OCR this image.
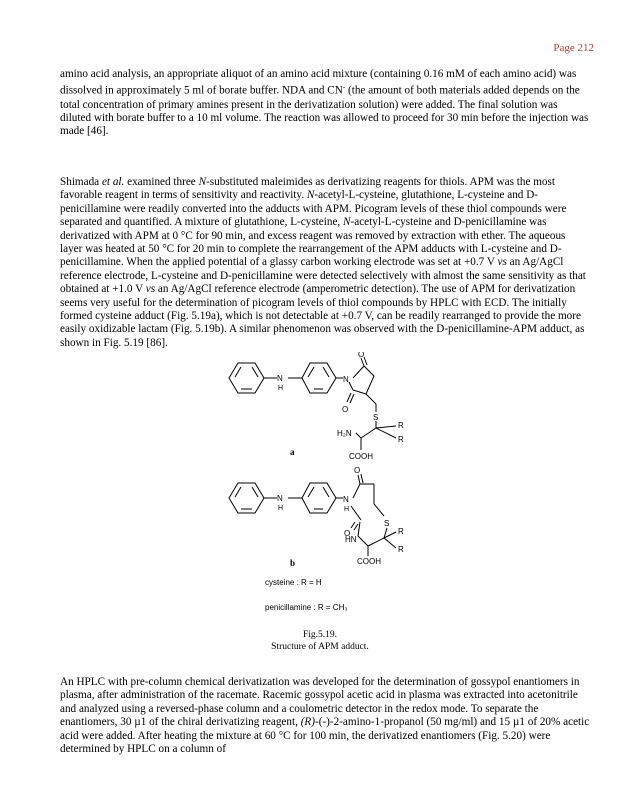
Page 212

amino acid analysis, an appropriate aliquot of an amino acid mixture (containing 0.16 mM of each amino acid) was dissolved in approximately 5 ml of borate buffer. NDA and CN- (the amount of both materials added depends on the total concentration of primary amines present in the derivatization solution) were added. The final solution was diluted with borate buffer to a 10 ml volume. The reaction was allowed to proceed for 30 min before the injection was made [46].

Shimada et al. examined three N-substituted maleimides as derivatizing reagents for thiols. APM was the most favorable reagent in terms of sensitivity and reactivity. N-acetyl-L-cysteine, glutathione, L-cysteine and D-penicillamine were readily converted into the adducts with APM. Picogram levels of these thiol compounds were separated and quantified. A mixture of glutathione, L-cysteine, N-acetyl-L-cysteine and D-penicillamine was derivatized with APM at 0 °C for 90 min, and excess reagent was removed by extraction with ether. The aqueous layer was heated at 50 °C for 20 min to complete the rearrangement of the APM adducts with L-cysteine and D-penicillamine. When the applied potential of a glassy carbon working electrode was set at +0.7 V vs an Ag/AgCl reference electrode, L-cysteine and D-penicillamine were detected selectively with almost the same sensitivity as that obtained at +1.0 V vs an Ag/AgCl reference electrode (amperometric detection). The use of APM for derivatization seems very useful for the determination of picogram levels of thiol compounds by HPLC with ECD. The initially formed cysteine adduct (Fig. 5.19a), which is not detectable at +0.7 V, can be readily rearranged to provide the more easily oxidizable lactam (Fig. 5.19b). A similar phenomenon was observed with the D-penicillamine-APM adduct, as shown in Fig. 5.19 [86].

N
H
N
O
O
S
R
R
H₂N
COOH
N
H
N
H
O
O
S
R
R
HN
COOH
cysteine : R = H
penicillamine : R = CH₃
a
b
Fig.5.19.
Structure of APM adduct.

An HPLC with pre-column chemical derivatization was developed for the determination of gossypol enantiomers in plasma, after administration of the racemate. Racemic gossypol acetic acid in plasma was extracted into acetonitrile and analyzed using a reversed-phase column and a coulometric detector in the redox mode. To separate the enantiomers, 30 µ1 of the chiral derivatizing reagent, (R)-(-)-2-amino-1-propanol (50 mg/ml) and 15 µ1 of 20% acetic acid were added. After heating the mixture at 60 °C for 100 min, the derivatized enantiomers (Fig. 5.20) were determined by HPLC on a column of
